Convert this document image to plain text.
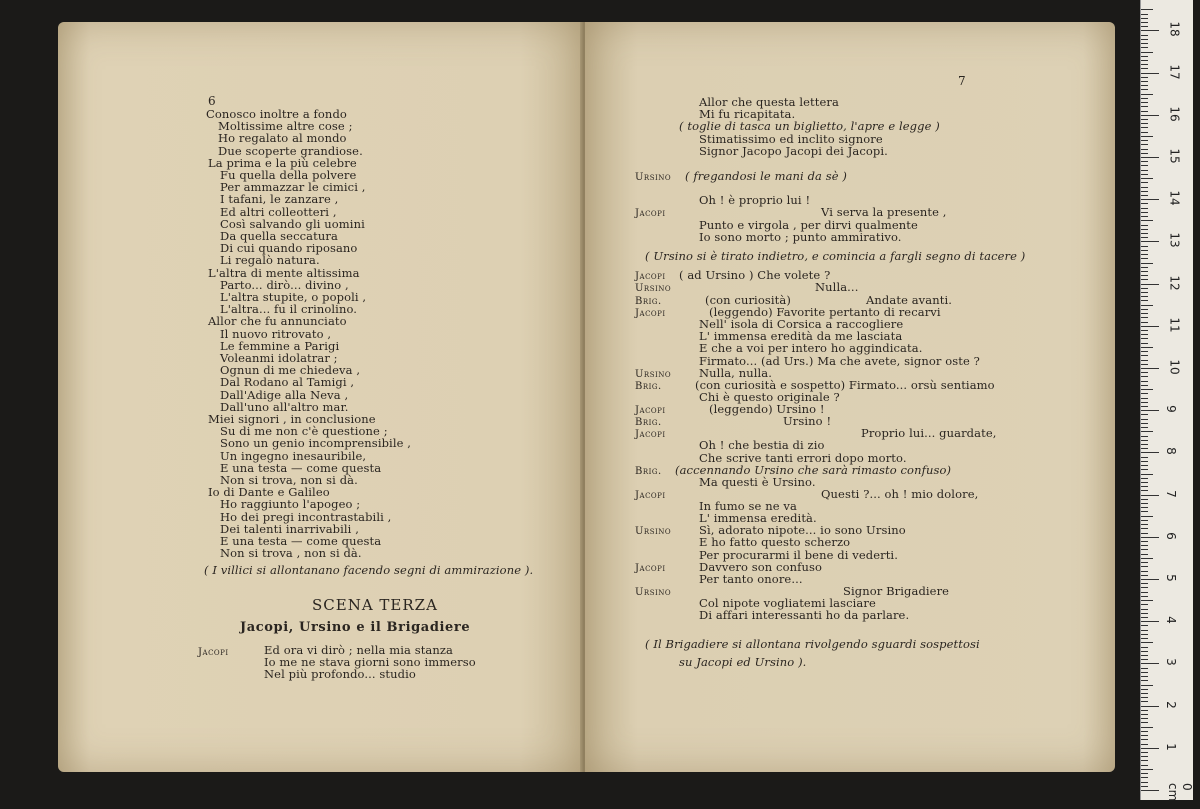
6
Conosco inoltre a fondo
Moltissime altre cose ;
Ho regalato al mondo
Due scoperte grandiose.
La prima e la più celebre
Fu quella della polvere
Per ammazzar le cimici ,
I tafani, le zanzare ,
Ed altri colleotteri ,
Così salvando gli uomini
Da quella seccatura
Di cui quando riposano
Li regalò natura.
L'altra di mente altissima
Parto... dirò... divino ,
L'altra stupite, o popoli ,
L'altra... fu il crinolino.
Allor che fu annunciato
Il nuovo ritrovato ,
Le femmine a Parigi
Voleanmi idolatrar ;
Ognun di me chiedeva ,
Dal Rodano al Tamigi ,
Dall'Adige alla Neva ,
Dall'uno all'altro mar.
Miei signori , in conclusione
Su di me non c'è questione ;
Sono un genio incomprensibile ,
Un ingegno inesauribile,
E una testa — come questa
Non si trova, non si dà.
Io di Dante e Galileo
Ho raggiunto l'apogeo ;
Ho dei pregi incontrastabili ,
Dei talenti inarrivabili ,
E una testa — come questa
Non si trova , non si dà.
( I villici si allontanano facendo segni di ammirazione ).
SCENA TERZA
Jacopi, Ursino e il Brigadiere
Jacopi	Ed ora vi dirò ; nella mia stanza
Io me ne stava giorni sono immerso
Nel più profondo... studio
7
Allor che questa lettera
Mi fu ricapitata.
( toglie di tasca un biglietto, l'apre e legge )
Stimatissimo ed inclito signore
Signor Jacopo Jacopi dei Jacopi.
Ursino ( fregandosi le mani da sè )
Oh ! è proprio lui !
Jacopi	Vi serva la presente ,
Punto e virgola , per dirvi qualmente
Io sono morto ; punto ammirativo.
( Ursino si è tirato indietro, e comincia a fargli segno di tacere )
Jacopi ( ad Ursino ) Che volete ?
Ursino	Nulla...
Brig.	(con curiosità)                    Andate avanti.
Jacopi	(leggendo) Favorite pertanto di recarvi
Nell' isola di Corsica a raccogliere
L' immensa eredità da me lasciata
E che a voi per intero ho aggindicata.
Firmato... (ad Urs.) Ma che avete, signor oste ?
Ursino Nulla, nulla.
Brig.	(con curiosità e sospetto) Firmato... orsù sentiamo
Chi è questo originale ?
Jacopi	(leggendo) Ursino !
Brig.	Ursino !
Jacopi	Proprio lui... guardate,
Oh ! che bestia di zio
Che scrive tanti errori dopo morto.
Brig. (accennando Ursino che sarà rimasto confuso)
Ma questi è Ursino.
Jacopi	Questi ?... oh ! mio dolore,
In fumo se ne va
L' immensa eredità.
Ursino Sì, adorato nipote... io sono Ursino
E ho fatto questo scherzo
Per procurarmi il bene di vederti.
Jacopi	Davvero son confuso
Per tanto onore...
Ursino	Signor Brigadiere
Col nipote vogliatemi lasciare
Di affari interessanti ho da parlare.
( Il Brigadiere si allontana rivolgendo sguardi sospettosi
su Jacopi ed Ursino ).
0 cm
1
2
3
4
5
6
7
8
9
10
11
12
13
14
15
16
17
18
